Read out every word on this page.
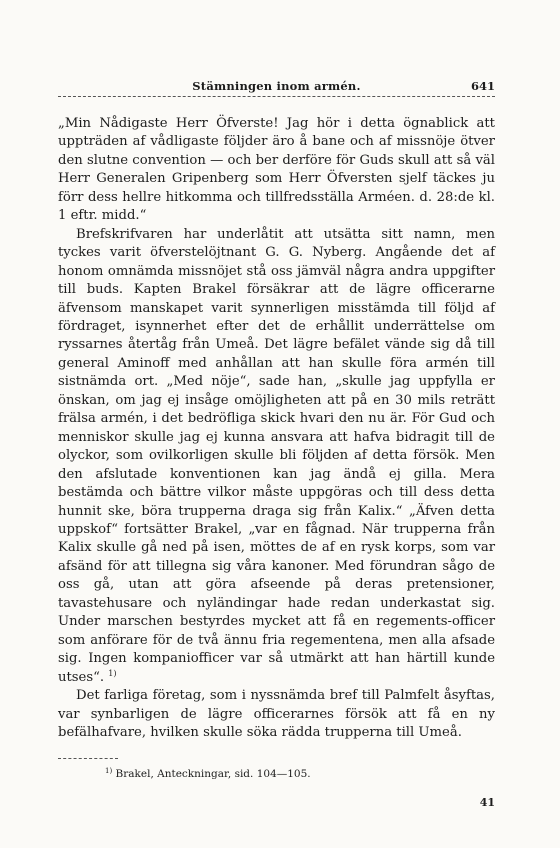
Stämningen inom armén.	641

„Min Nådigaste Herr Öfverste! Jag hör i detta ögnablick att uppträden af vådligaste följder äro å bane och af missnöje ötver den slutne convention — och ber derföre för Guds skull att så väl Herr Generalen Gripenberg som Herr Öfversten sjelf täckes ju förr dess hellre hitkomma och tillfredsställa Arméen. d. 28:de kl. 1 eftr. midd.“

Brefskrifvaren har underlåtit att utsätta sitt namn, men tyckes varit öfverstelöjtnant G. G. Nyberg. Angående det af honom omnämda missnöjet stå oss jämväl några andra uppgifter till buds. Kapten Brakel försäkrar att de lägre officerarne äfvensom manskapet varit synnerligen misstämda till följd af fördraget, isynnerhet efter det de erhållit underrättelse om ryssarnes återtåg från Umeå. Det lägre befälet vände sig då till general Aminoff med anhållan att han skulle föra armén till sistnämda ort. „Med nöje“, sade han, „skulle jag uppfylla er önskan, om jag ej insåge omöjligheten att på en 30 mils reträtt frälsa armén, i det bedröfliga skick hvari den nu är. För Gud och menniskor skulle jag ej kunna ansvara att hafva bidragit till de olyckor, som ovilkorligen skulle bli följden af detta försök. Men den afslutade konventionen kan jag ändå ej gilla. Mera bestämda och bättre vilkor måste uppgöras och till dess detta hunnit ske, böra trupperna draga sig från Kalix.“ „Äfven detta uppskof“ fortsätter Brakel, „var en fågnad. När trupperna från Kalix skulle gå ned på isen, möttes de af en rysk korps, som var afsänd för att tillegna sig våra kanoner. Med förundran sågo de oss gå, utan att göra afseende på deras pretensioner, tavastehusare och nyländingar hade redan underkastat sig. Under marschen bestyrdes mycket att få en regements-officer som anförare för de två ännu fria regementena, men alla afsade sig. Ingen kompaniofficer var så utmärkt att han härtill kunde utses“. $^{1)}$

Det farliga företag, som i nyssnämda bref till Palmfelt åsyftas, var synbarligen de lägre officerarnes försök att få en ny befälhafvare, hvilken skulle söka rädda trupperna till Umeå.

$^{1)}$ Brakel, Anteckningar, sid. 104—105.
41
